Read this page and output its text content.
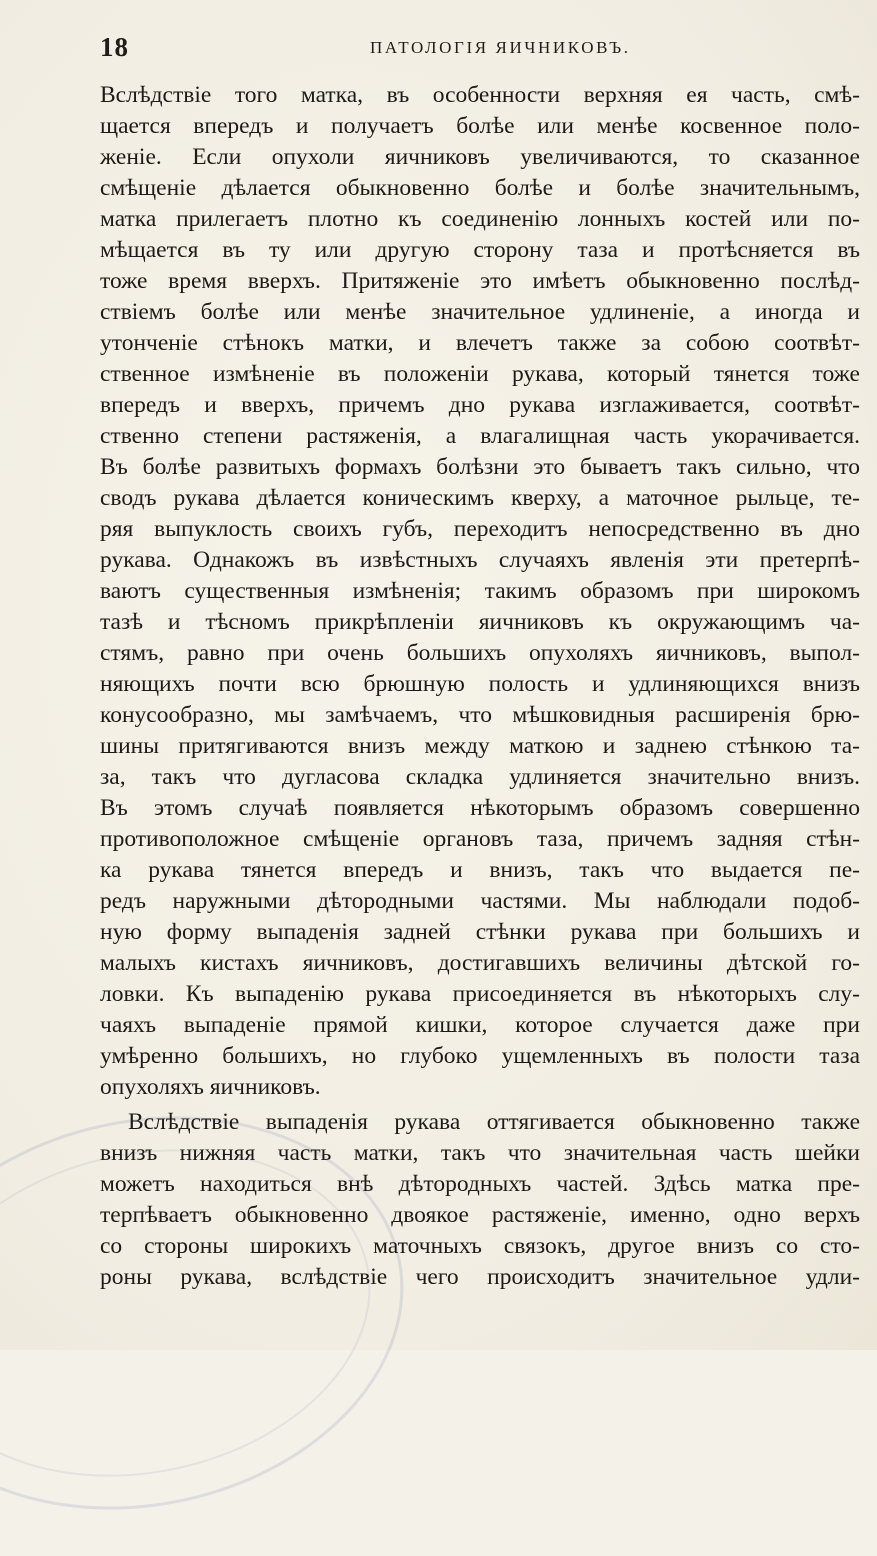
18	ПАТОЛОГІЯ ЯИЧНИКОВЪ.
Вслѣдствіе того матка, въ особенности верхняя ея часть, смѣ-
щается впередъ и получаетъ болѣе или менѣе косвенное поло-
женіе. Если опухоли яичниковъ увеличиваются, то сказанное
смѣщеніе дѣлается обыкновенно болѣе и болѣе значительнымъ,
матка прилегаетъ плотно къ соединенію лонныхъ костей или по-
мѣщается въ ту или другую сторону таза и протѣсняется въ
тоже время вверхъ. Притяженіе это имѣетъ обыкновенно послѣд-
ствіемъ болѣе или менѣе значительное удлиненіе, а иногда и
утонченіе стѣнокъ матки, и влечетъ также за собою соотвѣт-
ственное измѣненіе въ положеніи рукава, который тянется тоже
впередъ и вверхъ, причемъ дно рукава изглаживается, соотвѣт-
ственно степени растяженія, а влагалищная часть укорачивается.
Въ болѣе развитыхъ формахъ болѣзни это бываетъ такъ сильно, что
сводъ рукава дѣлается коническимъ кверху, а маточное рыльце, те-
ряя выпуклость своихъ губъ, переходитъ непосредственно въ дно
рукава. Однакожъ въ извѣстныхъ случаяхъ явленія эти претерпѣ-
ваютъ существенныя измѣненія; такимъ образомъ при широкомъ
тазѣ и тѣсномъ прикрѣпленіи яичниковъ къ окружающимъ ча-
стямъ, равно при очень большихъ опухоляхъ яичниковъ, выпол-
няющихъ почти всю брюшную полость и удлиняющихся внизъ
конусообразно, мы замѣчаемъ, что мѣшковидныя расширенія брю-
шины притягиваются внизъ между маткою и заднею стѣнкою та-
за, такъ что дугласова складка удлиняется значительно внизъ.
Въ этомъ случаѣ появляется нѣкоторымъ образомъ совершенно
противоположное смѣщеніе органовъ таза, причемъ задняя стѣн-
ка рукава тянется впередъ и внизъ, такъ что выдается пе-
редъ наружными дѣтородными частями. Мы наблюдали подоб-
ную форму выпаденія задней стѣнки рукава при большихъ и
малыхъ кистахъ яичниковъ, достигавшихъ величины дѣтской го-
ловки. Къ выпаденію рукава присоединяется въ нѣкоторыхъ слу-
чаяхъ выпаденіе прямой кишки, которое случается даже при
умѣренно большихъ, но глубоко ущемленныхъ въ полости таза
опухоляхъ яичниковъ.
Вслѣдствіе выпаденія рукава оттягивается обыкновенно также
внизъ нижняя часть матки, такъ что значительная часть шейки
можетъ находиться внѣ дѣтородныхъ частей. Здѣсь матка пре-
терпѣваетъ обыкновенно двоякое растяженіе, именно, одно верхъ
со стороны широкихъ маточныхъ связокъ, другое внизъ со сто-
роны рукава, вслѣдствіе чего происходитъ значительное удли-
